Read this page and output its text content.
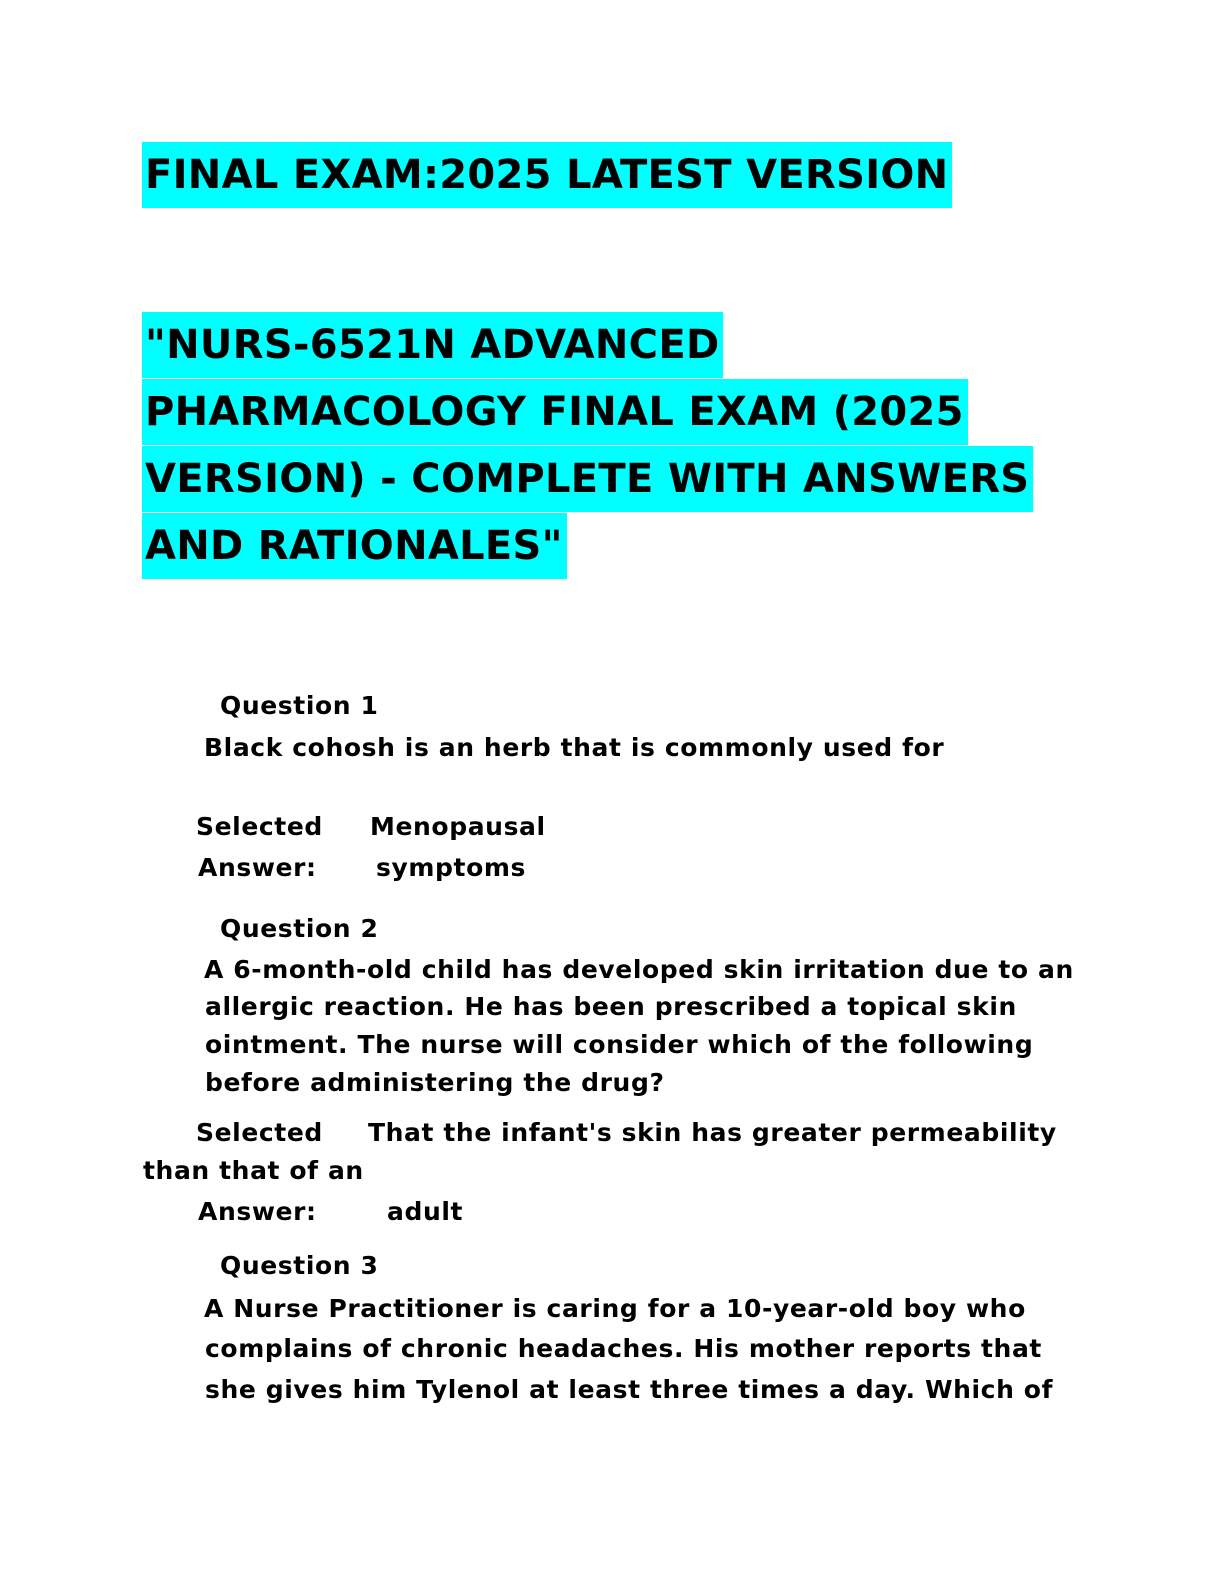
FINAL EXAM:2025 LATEST VERSION
"NURS-6521N ADVANCED
PHARMACOLOGY FINAL EXAM (2025
VERSION) - COMPLETE WITH ANSWERS
AND RATIONALES"
Question 1
Black cohosh is an herb that is commonly used for
Selected Menopausal
Answer: symptoms
Question 2
A 6-month-old child has developed skin irritation due to an
allergic reaction. He has been prescribed a topical skin
ointment. The nurse will consider which of the following
before administering the drug?
Selected That the infant's skin has greater permeability
than that of an
Answer:	adult
Question 3
A Nurse Practitioner is caring for a 10-year-old boy who
complains of chronic headaches. His mother reports that
she gives him Tylenol at least three times a day. Which of
